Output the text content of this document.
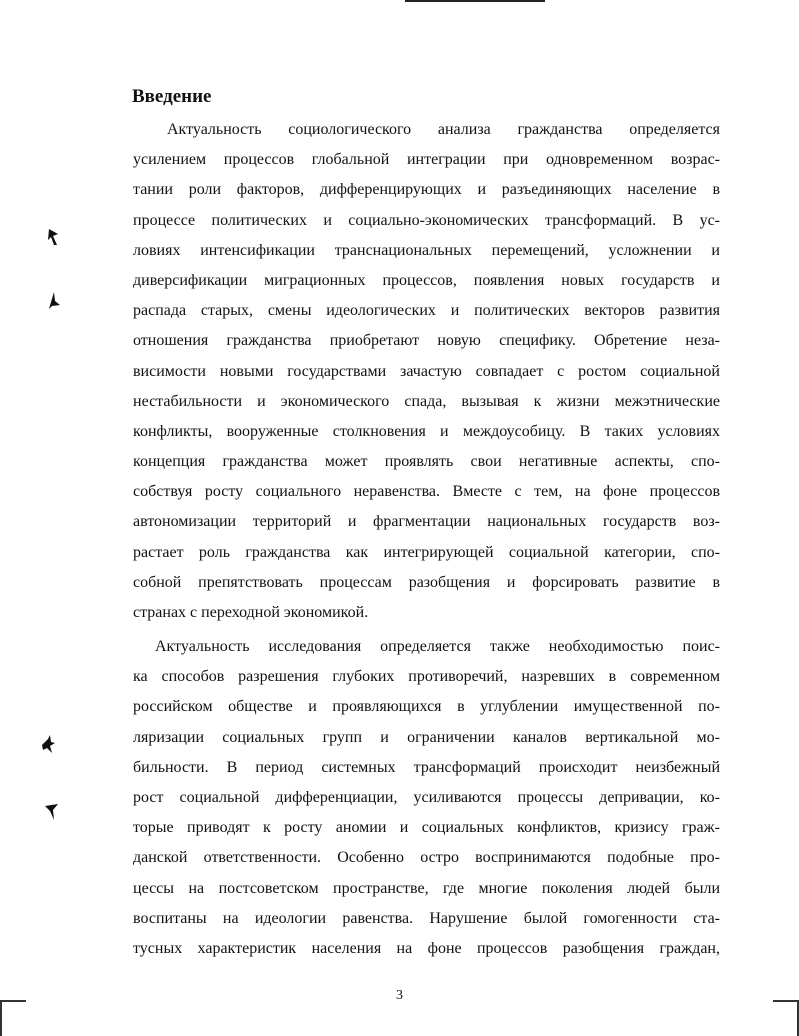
Введение
Актуальность социологического анализа гражданства определяется
усилением процессов глобальной интеграции при одновременном возрас-
тании роли факторов, дифференцирующих и разъединяющих население в
процессе политических и социально-экономических трансформаций. В ус-
ловиях интенсификации транснациональных перемещений, усложнении и
диверсификации миграционных процессов, появления новых государств и
распада старых, смены идеологических и политических векторов развития
отношения гражданства приобретают новую специфику. Обретение неза-
висимости новыми государствами зачастую совпадает с ростом социальной
нестабильности и экономического спада, вызывая к жизни межэтнические
конфликты, вооруженные столкновения и междоусобицу. В таких условиях
концепция гражданства может проявлять свои негативные аспекты, спо-
собствуя росту социального неравенства. Вместе с тем, на фоне процессов
автономизации территорий и фрагментации национальных государств воз-
растает роль гражданства как интегрирующей социальной категории, спо-
собной препятствовать процессам разобщения и форсировать развитие в
странах с переходной экономикой.
Актуальность исследования определяется также необходимостью поис-
ка способов разрешения глубоких противоречий, назревших в современном
российском обществе и проявляющихся в углублении имущественной по-
ляризации социальных групп и ограничении каналов вертикальной мо-
бильности. В период системных трансформаций происходит неизбежный
рост социальной дифференциации, усиливаются процессы депривации, ко-
торые приводят к росту аномии и социальных конфликтов, кризису граж-
данской ответственности. Особенно остро воспринимаются подобные про-
цессы на постсоветском пространстве, где многие поколения людей были
воспитаны на идеологии равенства. Нарушение былой гомогенности ста-
тусных характеристик населения на фоне процессов разобщения граждан,
3
